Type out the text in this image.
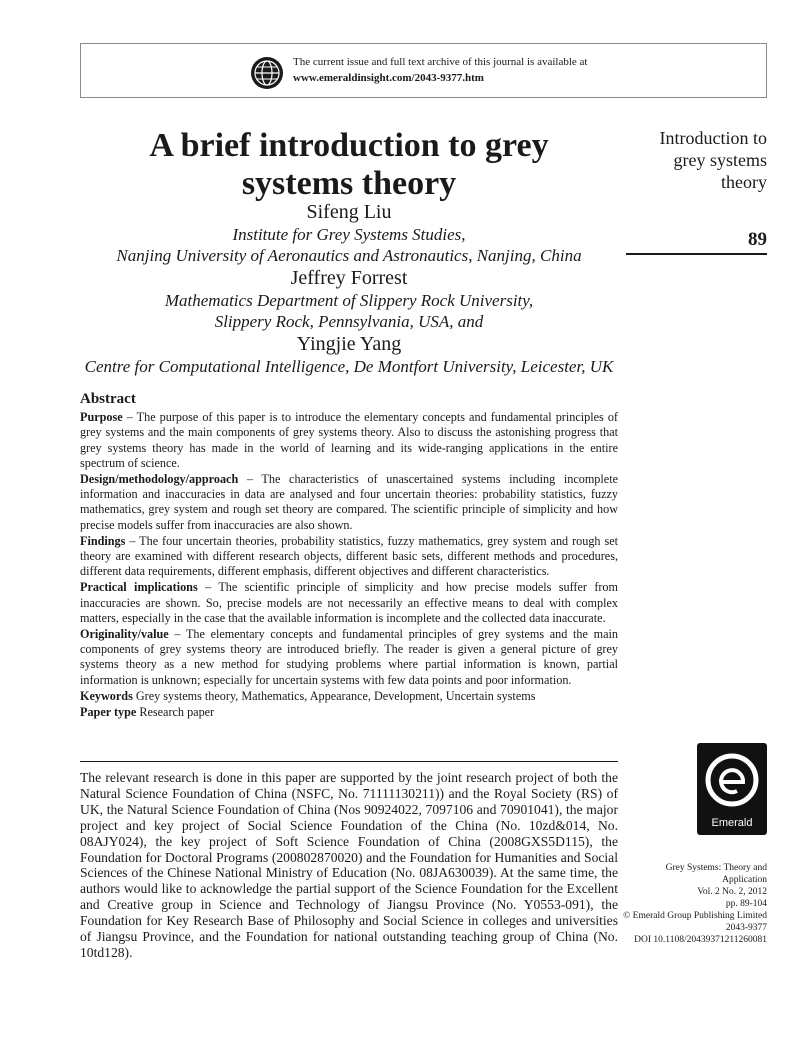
The current issue and full text archive of this journal is available at
www.emeraldinsight.com/2043-9377.htm
A brief introduction to grey
systems theory
Sifeng Liu
Institute for Grey Systems Studies,
Nanjing University of Aeronautics and Astronautics, Nanjing, China
Jeffrey Forrest
Mathematics Department of Slippery Rock University,
Slippery Rock, Pennsylvania, USA, and
Yingjie Yang
Centre for Computational Intelligence, De Montfort University, Leicester, UK
Introduction to
grey systems
theory
89
Abstract

Purpose – The purpose of this paper is to introduce the elementary concepts and fundamental principles of grey systems and the main components of grey systems theory. Also to discuss the astonishing progress that grey systems theory has made in the world of learning and its wide-ranging applications in the entire spectrum of science.

Design/methodology/approach – The characteristics of unascertained systems including incomplete information and inaccuracies in data are analysed and four uncertain theories: probability statistics, fuzzy mathematics, grey system and rough set theory are compared. The scientific principle of simplicity and how precise models suffer from inaccuracies are also shown.

Findings – The four uncertain theories, probability statistics, fuzzy mathematics, grey system and rough set theory are examined with different research objects, different basic sets, different methods and procedures, different data requirements, different emphasis, different objectives and different characteristics.

Practical implications – The scientific principle of simplicity and how precise models suffer from inaccuracies are shown. So, precise models are not necessarily an effective means to deal with complex matters, especially in the case that the available information is incomplete and the collected data inaccurate.

Originality/value – The elementary concepts and fundamental principles of grey systems and the main components of grey systems theory are introduced briefly. The reader is given a general picture of grey systems theory as a new method for studying problems where partial information is known, partial information is unknown; especially for uncertain systems with few data points and poor information.

Keywords Grey systems theory, Mathematics, Appearance, Development, Uncertain systems

Paper type Research paper

The relevant research is done in this paper are supported by the joint research project of both the Natural Science Foundation of China (NSFC, No. 71111130211)) and the Royal Society (RS) of UK, the Natural Science Foundation of China (Nos 90924022, 7097106 and 70901041), the major project and key project of Social Science Foundation of the China (No. 10zd&014, No. 08AJY024), the key project of Soft Science Foundation of China (2008GXS5D115), the Foundation for Doctoral Programs (200802870020) and the Foundation for Humanities and Social Sciences of the Chinese National Ministry of Education (No. 08JA630039). At the same time, the authors would like to acknowledge the partial support of the Science Foundation for the Excellent and Creative group in Science and Technology of Jiangsu Province (No. Y0553-091), the Foundation for Key Research Base of Philosophy and Social Science in colleges and universities of Jiangsu Province, and the Foundation for national outstanding teaching group of China (No. 10td128).
Emerald
Grey Systems: Theory and
Application
Vol. 2 No. 2, 2012
pp. 89-104
© Emerald Group Publishing Limited
2043-9377
DOI 10.1108/20439371211260081
